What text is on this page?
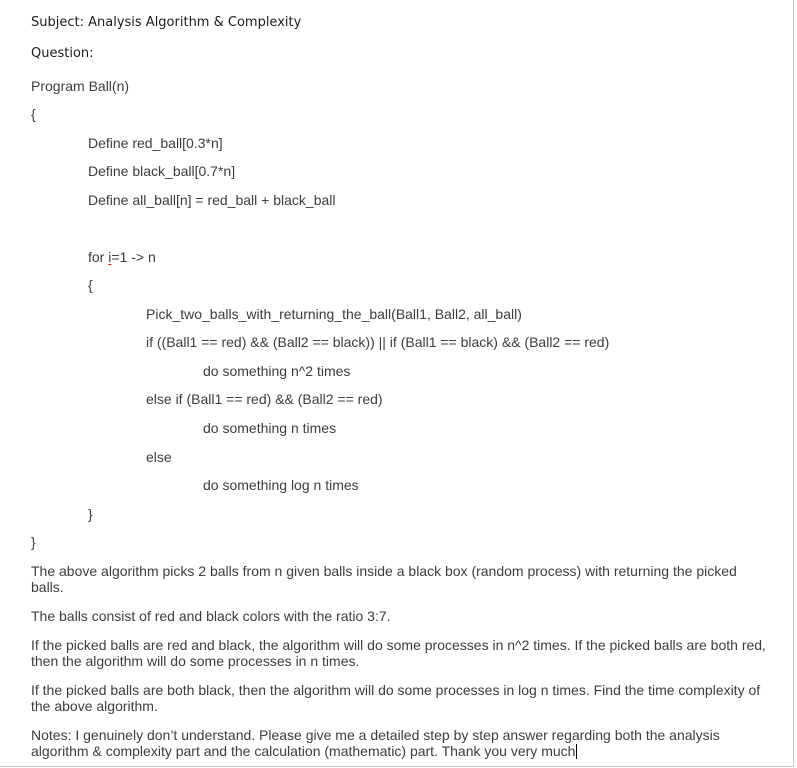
Subject: Analysis Algorithm & Complexity
Question:
Program Ball(n)
{
Define red_ball[0.3*n]
Define black_ball[0.7*n]
Define all_ball[n] = red_ball + black_ball
for i=1 -> n
{
Pick_two_balls_with_returning_the_ball(Ball1, Ball2, all_ball)
if ((Ball1 == red) && (Ball2 == black)) || if (Ball1 == black) && (Ball2 == red)
do something n^2 times
else if (Ball1 == red) && (Ball2 == red)
do something n times
else
do something log n times
}
}
The above algorithm picks 2 balls from n given balls inside a black box (random process) with returning the picked balls.
The balls consist of red and black colors with the ratio 3:7.
If the picked balls are red and black, the algorithm will do some processes in n^2 times. If the picked balls are both red, then the algorithm will do some processes in n times.
If the picked balls are both black, then the algorithm will do some processes in log n times. Find the time complexity of the above algorithm.
Notes: I genuinely don’t understand. Please give me a detailed step by step answer regarding both the analysis algorithm & complexity part and the calculation (mathematic) part. Thank you very much
